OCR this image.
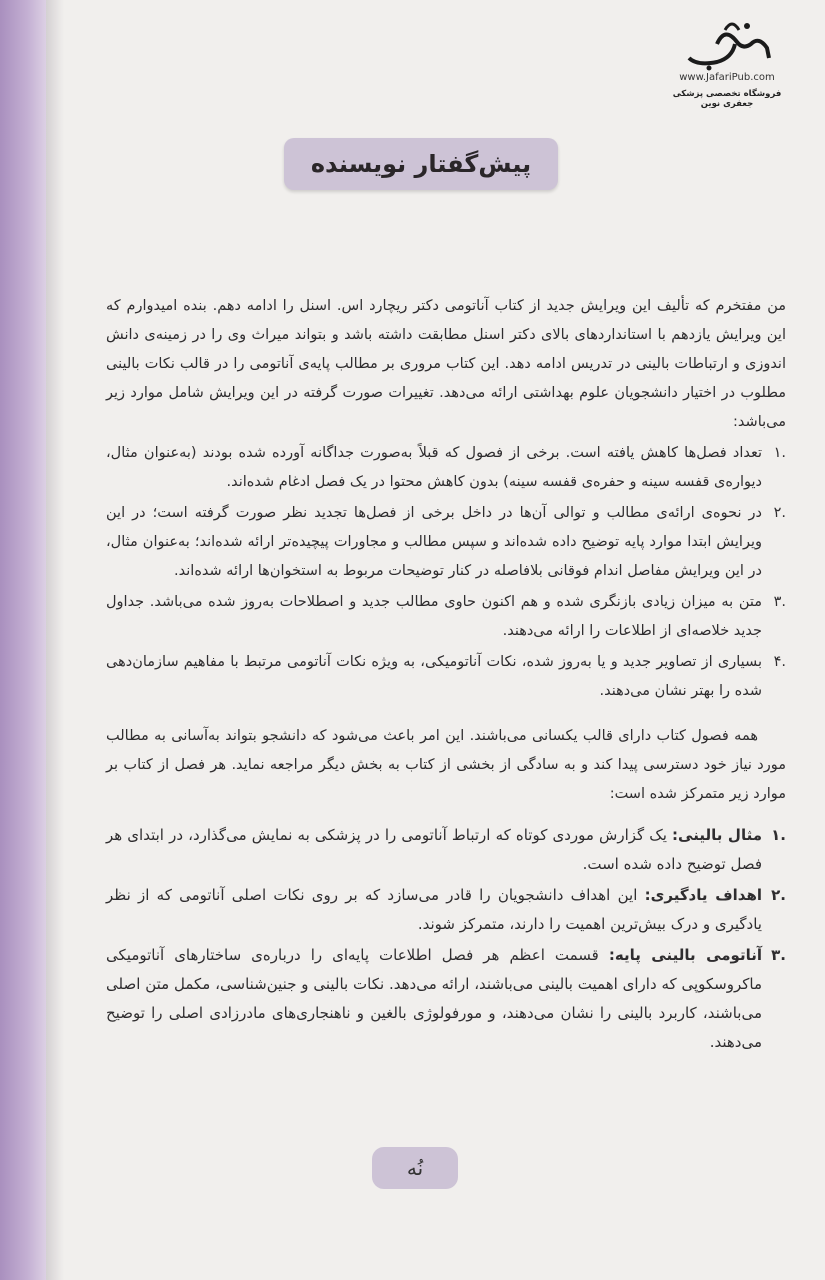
www.JafariPub.com
فروشگاه تخصصی پزشکی جعفری نوین
پیش‌گفتار نویسنده

من مفتخرم که تألیف این ویرایش جدید از کتاب آناتومی دکتر ریچارد اس. اسنل را ادامه دهم. بنده امیدوارم که این ویرایش یازدهم با استانداردهای بالای دکتر اسنل مطابقت داشته باشد و بتواند میراث وی را در زمینه‌ی دانش اندوزی و ارتباطات بالینی در تدریس ادامه دهد. این کتاب مروری بر مطالب پایه‌ی آناتومی را در قالب نکات بالینی مطلوب در اختیار دانشجویان علوم بهداشتی ارائه می‌دهد. تغییرات صورت گرفته در این ویرایش شامل موارد زیر می‌باشد:

.۱
تعداد فصل‌ها کاهش یافته است. برخی از فصول که قبلاً به‌صورت جداگانه آورده شده بودند (به‌عنوان مثال، دیواره‌ی قفسه سینه و حفره‌ی قفسه سینه) بدون کاهش محتوا در یک فصل ادغام شده‌اند.
.۲
در نحوه‌ی ارائه‌ی مطالب و توالی آن‌ها در داخل برخی از فصل‌ها تجدید نظر صورت گرفته است؛ در این ویرایش ابتدا موارد پایه توضیح داده شده‌اند و سپس مطالب و مجاورات پیچیده‌تر ارائه شده‌اند؛ به‌عنوان مثال، در این ویرایش مفاصل اندام فوقانی بلافاصله در کنار توضیحات مربوط به استخوان‌ها ارائه شده‌اند.
.۳
متن به میزان زیادی بازنگری شده و هم اکنون حاوی مطالب جدید و اصطلاحات به‌روز شده می‌باشد. جداول جدید خلاصه‌ای از اطلاعات را ارائه می‌دهند.
.۴
بسیاری از تصاویر جدید و یا به‌روز شده، نکات آناتومیکی، به ویژه نکات آناتومی مرتبط با مفاهیم سازمان‌دهی شده را بهتر نشان می‌دهند.

همه فصول کتاب دارای قالب یکسانی می‌باشند. این امر باعث می‌شود که دانشجو بتواند به‌آسانی به مطالب مورد نیاز خود دسترسی پیدا کند و به سادگی از بخشی از کتاب به بخش دیگر مراجعه نماید. هر فصل از کتاب بر موارد زیر متمرکز شده است:

.۱
مثال بالینی: یک گزارش موردی کوتاه که ارتباط آناتومی را در پزشکی به نمایش می‌گذارد، در ابتدای هر فصل توضیح داده شده است.
.۲
اهداف یادگیری: این اهداف دانشجویان را قادر می‌سازد که بر روی نکات اصلی آناتومی که از نظر یادگیری و درک بیش‌ترین اهمیت را دارند، متمرکز شوند.
.۳
آناتومی بالینی پایه: قسمت اعظم هر فصل اطلاعات پایه‌ای را درباره‌ی ساختارهای آناتومیکی ماکروسکوپی که دارای اهمیت بالینی می‌باشند، ارائه می‌دهد. نکات بالینی و جنین‌شناسی، مکمل متن اصلی می‌باشند، کاربرد بالینی را نشان می‌دهند، و مورفولوژی بالغین و ناهنجاری‌های مادرزادی اصلی را توضیح می‌دهند.
نُه
